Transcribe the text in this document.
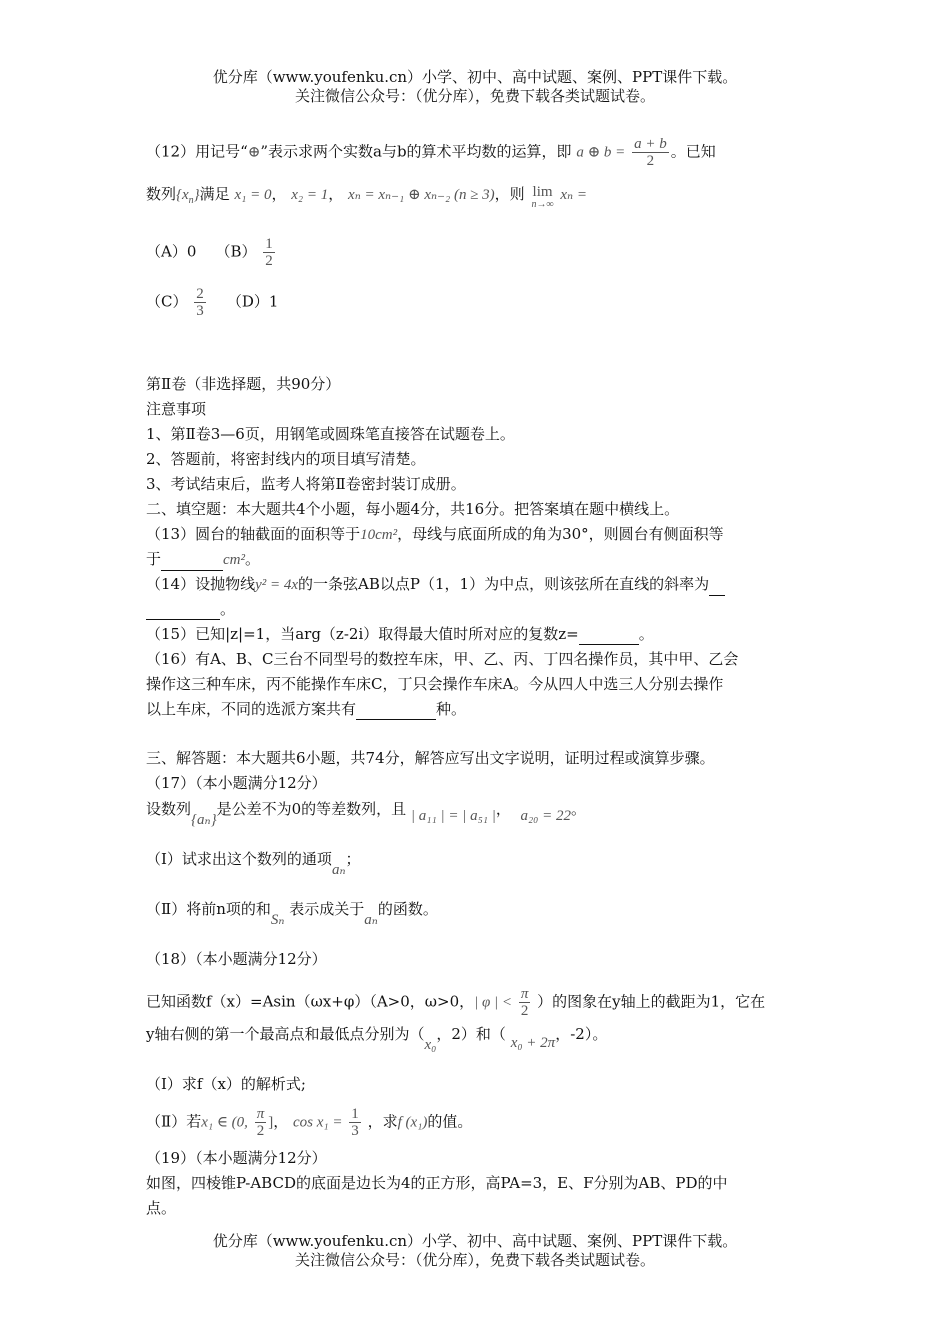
优分库（www.youfenku.cn）小学、初中、高中试题、案例、PPT课件下载。
关注微信公众号：（优分库），免费下载各类试题试卷。
（12）用记号“⊕”表示求两个实数a与b的算术平均数的运算，即 a ⊕ $b = \frac{a + b}{2}$ 。已知
数列$\{x_n\}$满足 x₁ = 0， x₂ = 1， xₙ = xₙ₋₁ ⊕ xₙ₋₂ (n ≥ 3)，则 lim
n→∞
xₙ =
（A）0 $(B) \frac{1}{2}$
$(C) \frac{2}{3} (D)1$
第Ⅱ卷（非选择题，共90分）
注意事项
1、第Ⅱ卷3—6页，用钢笔或圆珠笔直接答在试题卷上。
2、答题前，将密封线内的项目填写清楚。
3、考试结束后，监考人将第Ⅱ卷密封装订成册。
二、填空题：本大题共4个小题，每小题4分，共16分。把答案填在题中横线上。
（13）圆台的轴截面的面积等于10cm²，母线与底面所成的角为30°，则圆台有侧面积等
于	cm²。
（14）设抛物线y² = 4x的一条弦AB以点P（1，1）为中点，则该弦所在直线的斜率为
。
（15）已知|z|=1，当arg（z-2i）取得最大值时所对应的复数z=	。
（16）有A、B、C三台不同型号的数控车床，甲、乙、丙、丁四名操作员，其中甲、乙会
操作这三种车床，丙不能操作车床C，丁只会操作车床A。今从四人中选三人分别去操作
以上车床，不同的选派方案共有	种。
三、解答题：本大题共6小题，共74分，解答应写出文字说明，证明过程或演算步骤。
（17）（本小题满分12分）
设数列{aₙ}是公差不为0的等差数列，且 | a₁₁ | = | a₅₁ |，  a₂₀ = 22。
（Ⅰ）试求出这个数列的通项aₙ；
（Ⅱ）将前n项的和Sₙ 表示成关于aₙ的函数。
（18）（本小题满分12分）
已知函数f（x）=Asin（ωx+φ）（A>0，ω>0，| φ | < $\frac{\pi}{2}$ ）的图象在y轴上的截距为1，它在
y轴右侧的第一个最高点和最低点分别为（x₀，2）和（ x₀ + 2π，-2）。
（Ⅰ）求f（x）的解析式;
（Ⅱ）若x₁ ∈ (0, $\frac{\pi}{2}$ ]， $\cos x_1 = \frac{1}{3}$ ，求f (x₁)的值。
（19）（本小题满分12分）
如图，四棱锥P-ABCD的底面是边长为4的正方形，高PA=3，E、F分别为AB、PD的中
点。
优分库（www.youfenku.cn）小学、初中、高中试题、案例、PPT课件下载。
关注微信公众号：（优分库），免费下载各类试题试卷。
